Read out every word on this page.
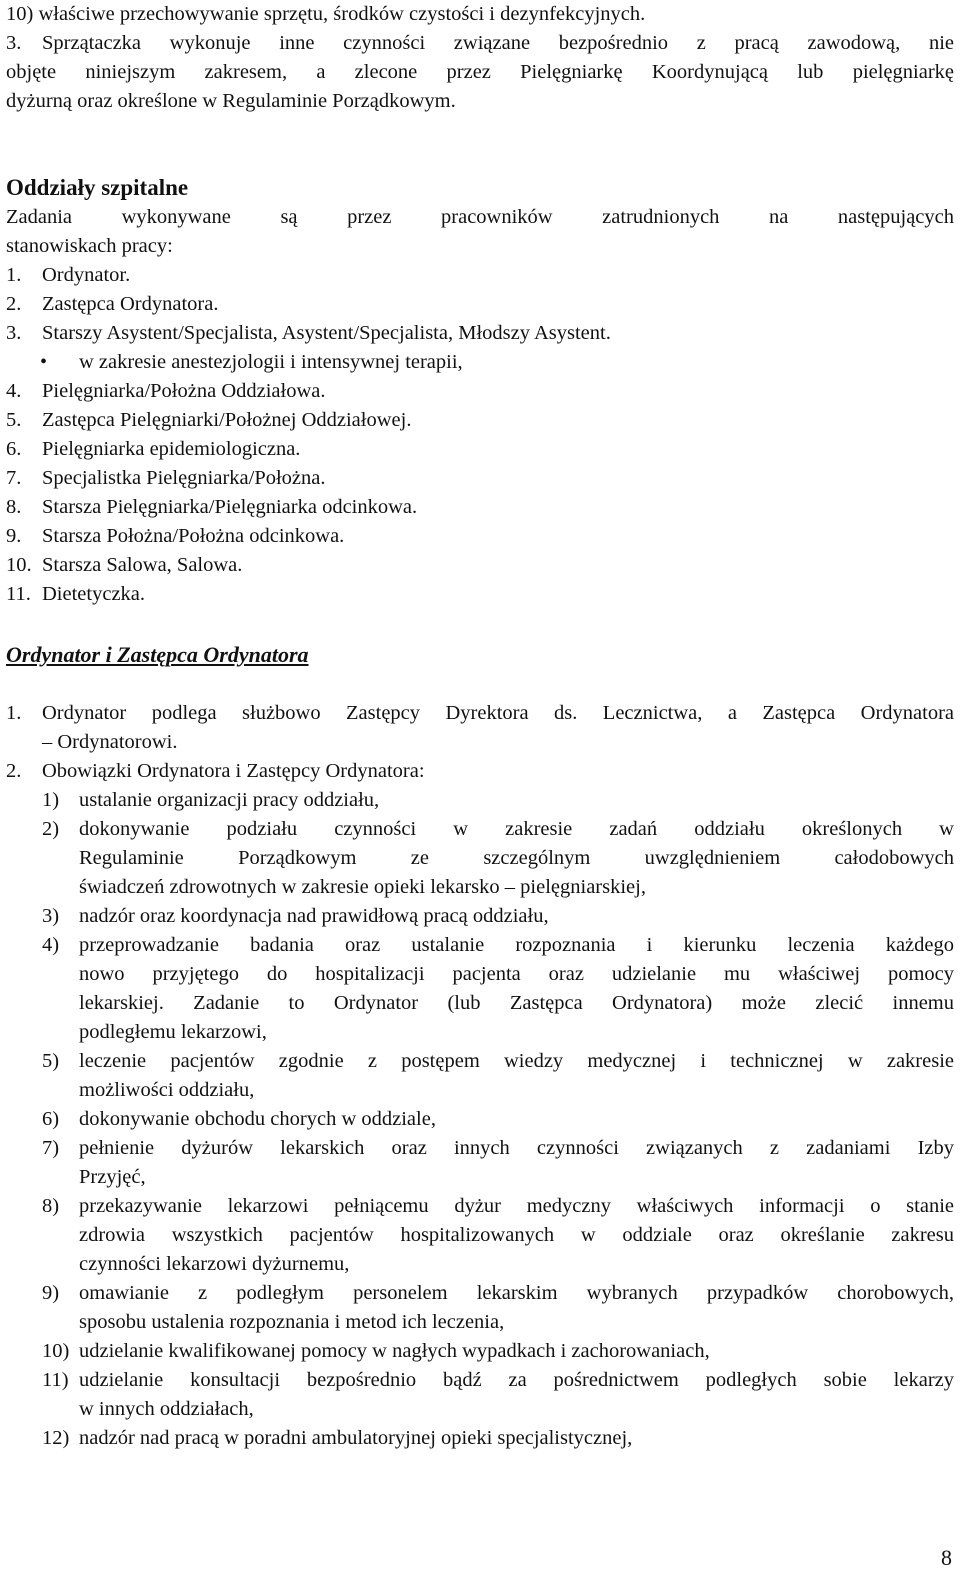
10) właściwe przechowywanie sprzętu, środków czystości i dezynfekcyjnych.
3. Sprzątaczka wykonuje inne czynności związane bezpośrednio z pracą zawodową, nie
objęte niniejszym zakresem, a zlecone przez Pielęgniarkę Koordynującą lub pielęgniarkę
dyżurną oraz określone w Regulaminie Porządkowym.
Oddziały szpitalne
Zadania wykonywane są przez pracowników zatrudnionych na następujących
stanowiskach pracy:
1. Ordynator.
2. Zastępca Ordynatora.
3. Starszy Asystent/Specjalista, Asystent/Specjalista, Młodszy Asystent.
• w zakresie anestezjologii i intensywnej terapii,
4. Pielęgniarka/Położna Oddziałowa.
5. Zastępca Pielęgniarki/Położnej Oddziałowej.
6. Pielęgniarka epidemiologiczna.
7. Specjalistka Pielęgniarka/Położna.
8. Starsza Pielęgniarka/Pielęgniarka odcinkowa.
9. Starsza Położna/Położna odcinkowa.
10. Starsza Salowa, Salowa.
11. Dietetyczka.
Ordynator i Zastępca Ordynatora
1. Ordynator podlega służbowo Zastępcy Dyrektora ds. Lecznictwa, a Zastępca Ordynatora
– Ordynatorowi.
2. Obowiązki Ordynatora i Zastępcy Ordynatora:
1) ustalanie organizacji pracy oddziału,
2) dokonywanie podziału czynności w zakresie zadań oddziału określonych w
Regulaminie Porządkowym ze szczególnym uwzględnieniem całodobowych
świadczeń zdrowotnych w zakresie opieki lekarsko – pielęgniarskiej,
3) nadzór oraz koordynacja nad prawidłową pracą oddziału,
4) przeprowadzanie badania oraz ustalanie rozpoznania i kierunku leczenia każdego
nowo przyjętego do hospitalizacji pacjenta oraz udzielanie mu właściwej pomocy
lekarskiej. Zadanie to Ordynator (lub Zastępca Ordynatora) może zlecić innemu
podległemu lekarzowi,
5) leczenie pacjentów zgodnie z postępem wiedzy medycznej i technicznej w zakresie
możliwości oddziału,
6) dokonywanie obchodu chorych w oddziale,
7) pełnienie dyżurów lekarskich oraz innych czynności związanych z zadaniami Izby
Przyjęć,
8) przekazywanie lekarzowi pełniącemu dyżur medyczny właściwych informacji o stanie
zdrowia wszystkich pacjentów hospitalizowanych w oddziale oraz określanie zakresu
czynności lekarzowi dyżurnemu,
9) omawianie z podległym personelem lekarskim wybranych przypadków chorobowych,
sposobu ustalenia rozpoznania i metod ich leczenia,
10) udzielanie kwalifikowanej pomocy w nagłych wypadkach i zachorowaniach,
11) udzielanie konsultacji bezpośrednio bądź za pośrednictwem podległych sobie lekarzy
w innych oddziałach,
12) nadzór nad pracą w poradni ambulatoryjnej opieki specjalistycznej,
8
